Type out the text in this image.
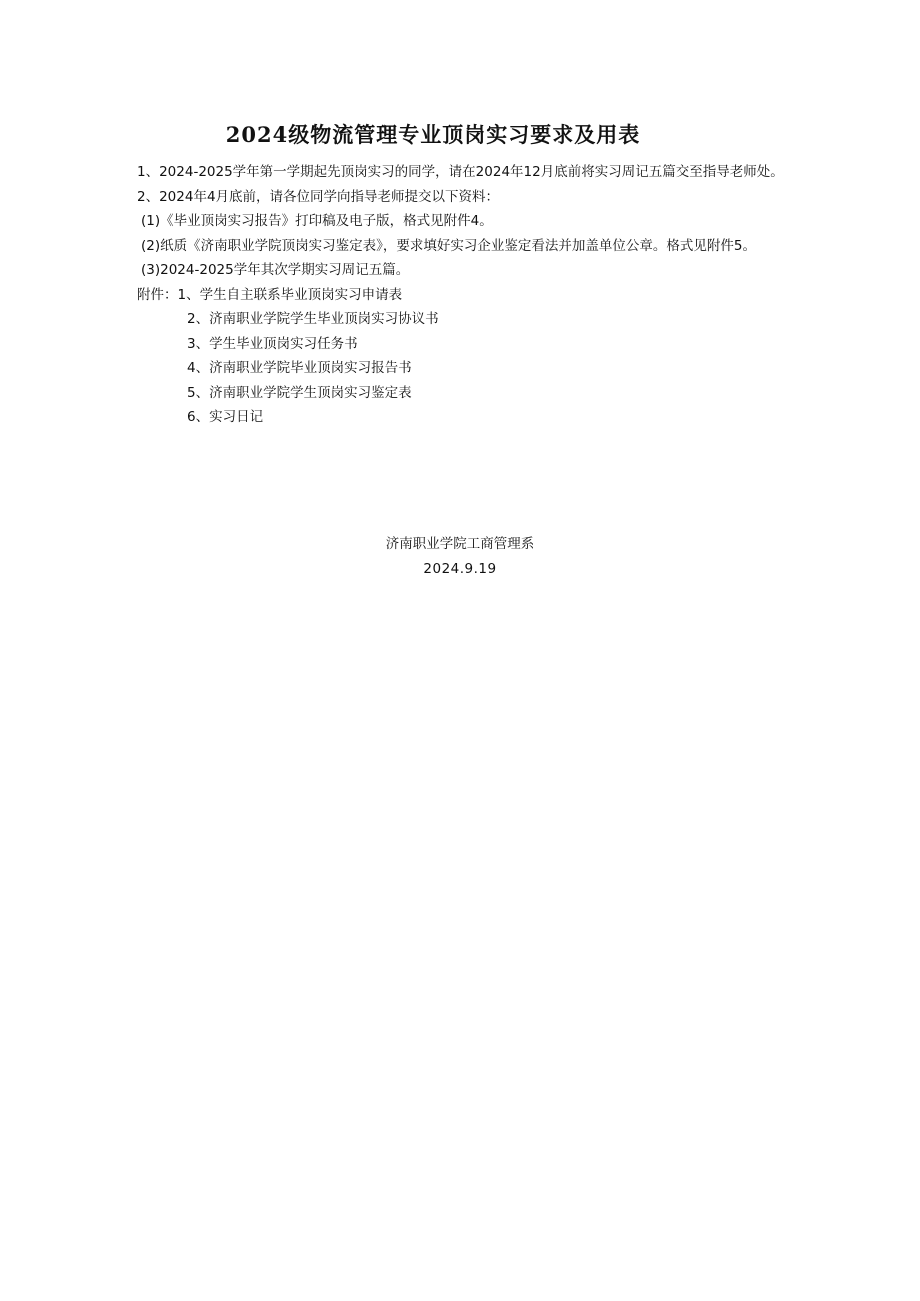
2024级物流管理专业顶岗实习要求及用表

1、2024-2025学年第一学期起先顶岗实习的同学，请在2024年12月底前将实习周记五篇交至指导老师处。

2、2024年4月底前，请各位同学向指导老师提交以下资料：

(1)《毕业顶岗实习报告》打印稿及电子版，格式见附件4。

(2)纸质《济南职业学院顶岗实习鉴定表》，要求填好实习企业鉴定看法并加盖单位公章。格式见附件5。

(3)2024-2025学年其次学期实习周记五篇。

附件： 1、学生自主联系毕业顶岗实习申请表
2、济南职业学院学生毕业顶岗实习协议书
3、学生毕业顶岗实习任务书
4、济南职业学院毕业顶岗实习报告书
5、济南职业学院学生顶岗实习鉴定表
6、实习日记
济南职业学院工商管理系
2024.9.19
